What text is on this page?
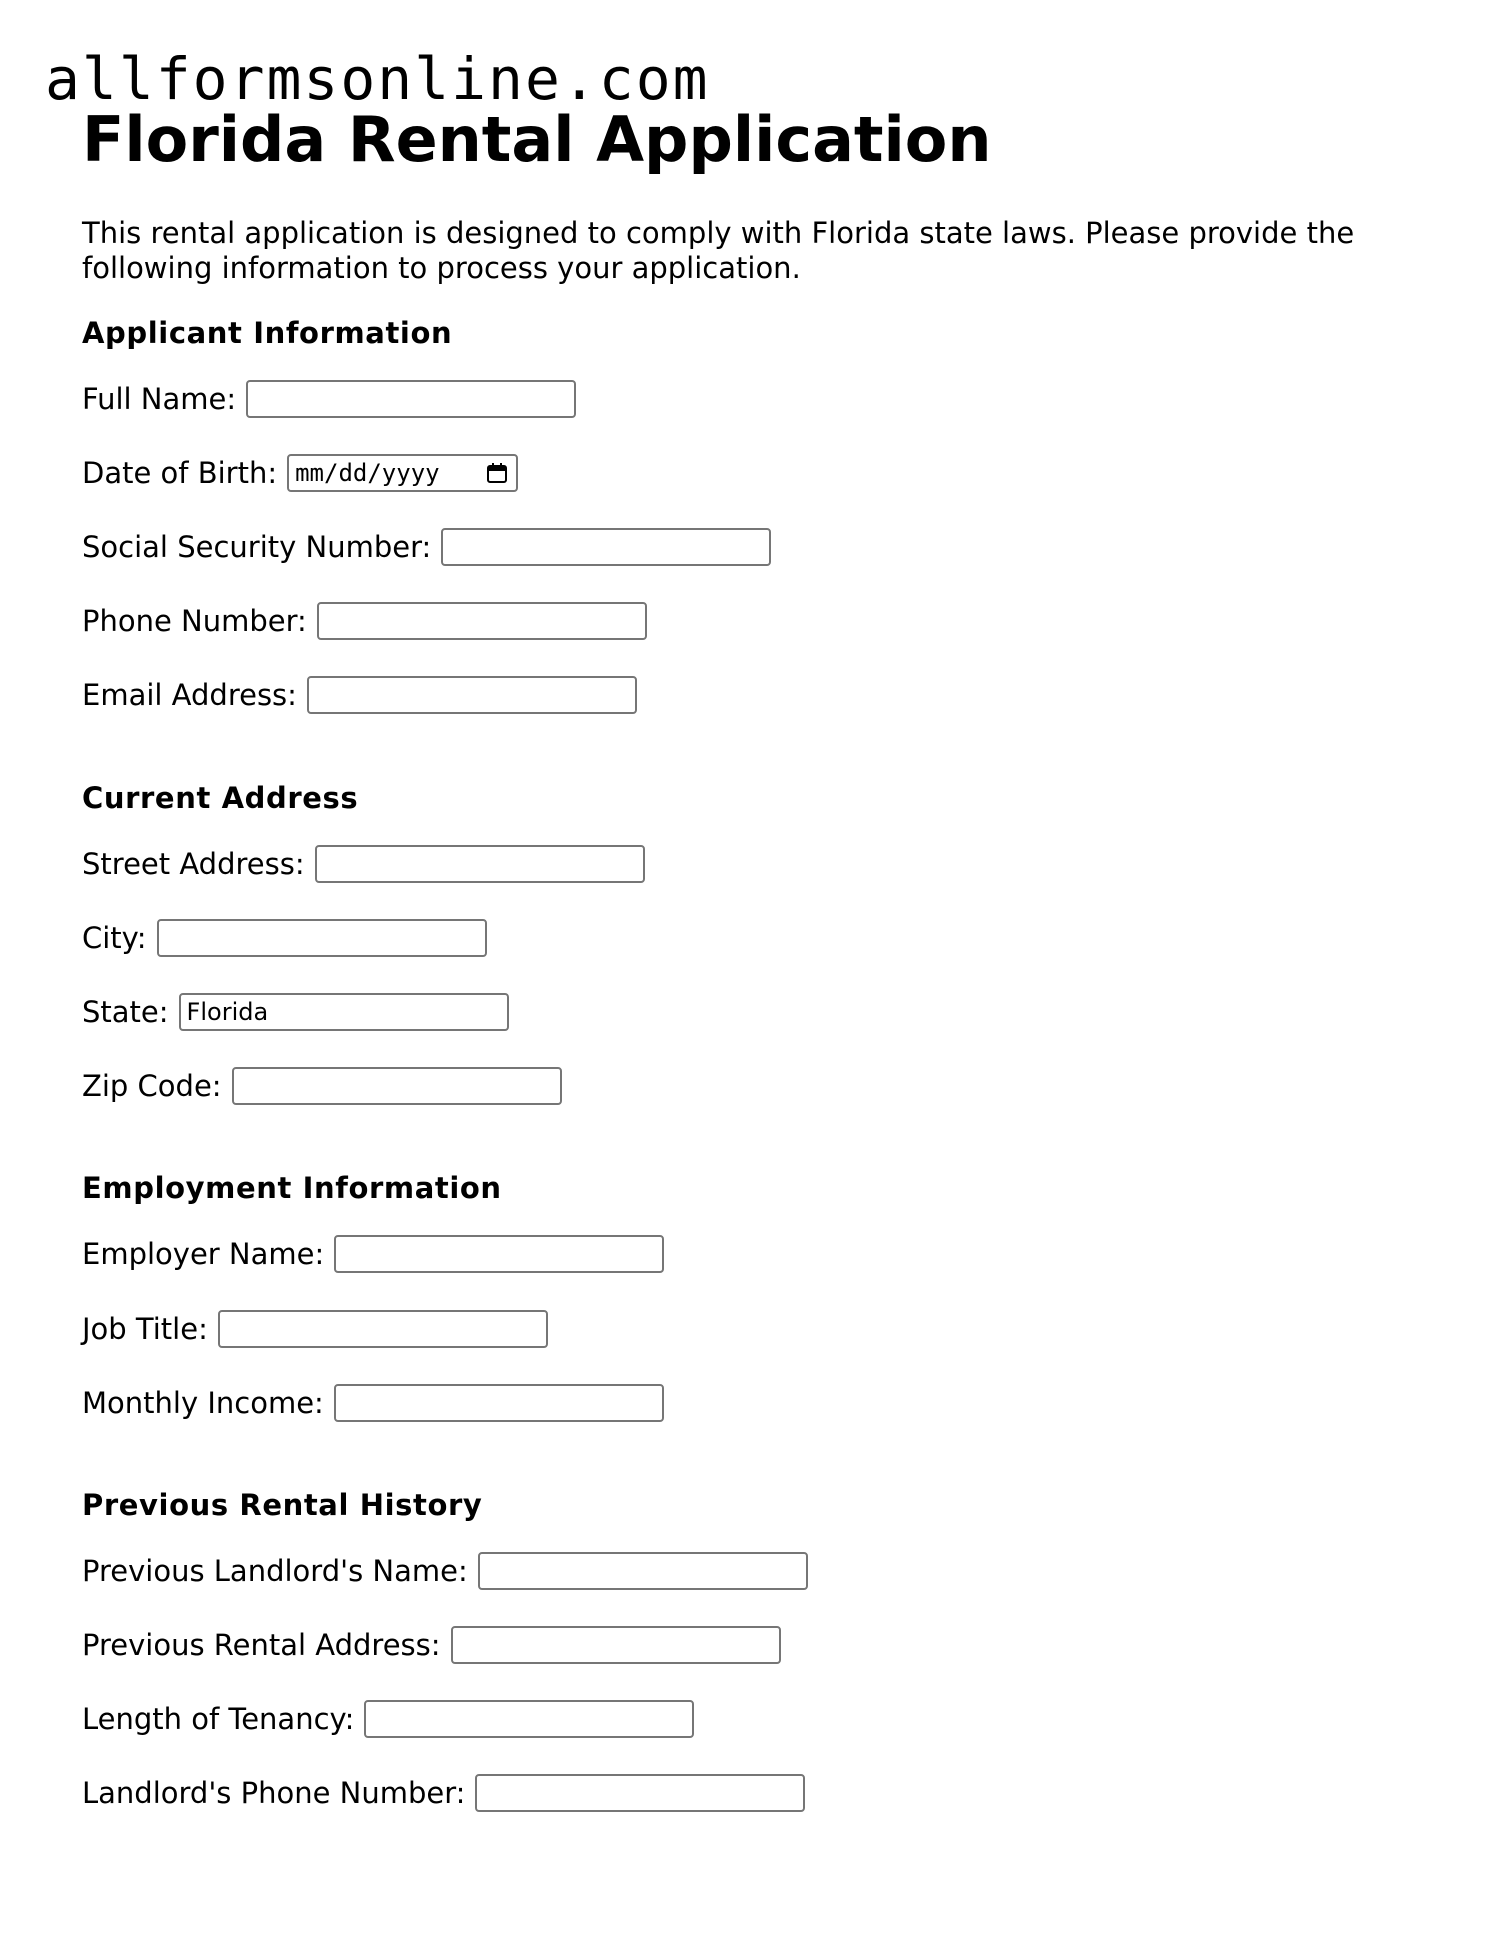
allformsonline.com
Florida Rental Application

This rental application is designed to comply with Florida state laws. Please provide the following information to process your application.

Applicant Information
Full Name:
Date of Birth: mm/dd/yyyy
Social Security Number:
Phone Number:
Email Address:
Current Address
Street Address:
City:
State:
Florida
Zip Code:
Employment Information
Employer Name:
Job Title:
Monthly Income:
Previous Rental History
Previous Landlord's Name:
Previous Rental Address:
Length of Tenancy:
Landlord's Phone Number:
